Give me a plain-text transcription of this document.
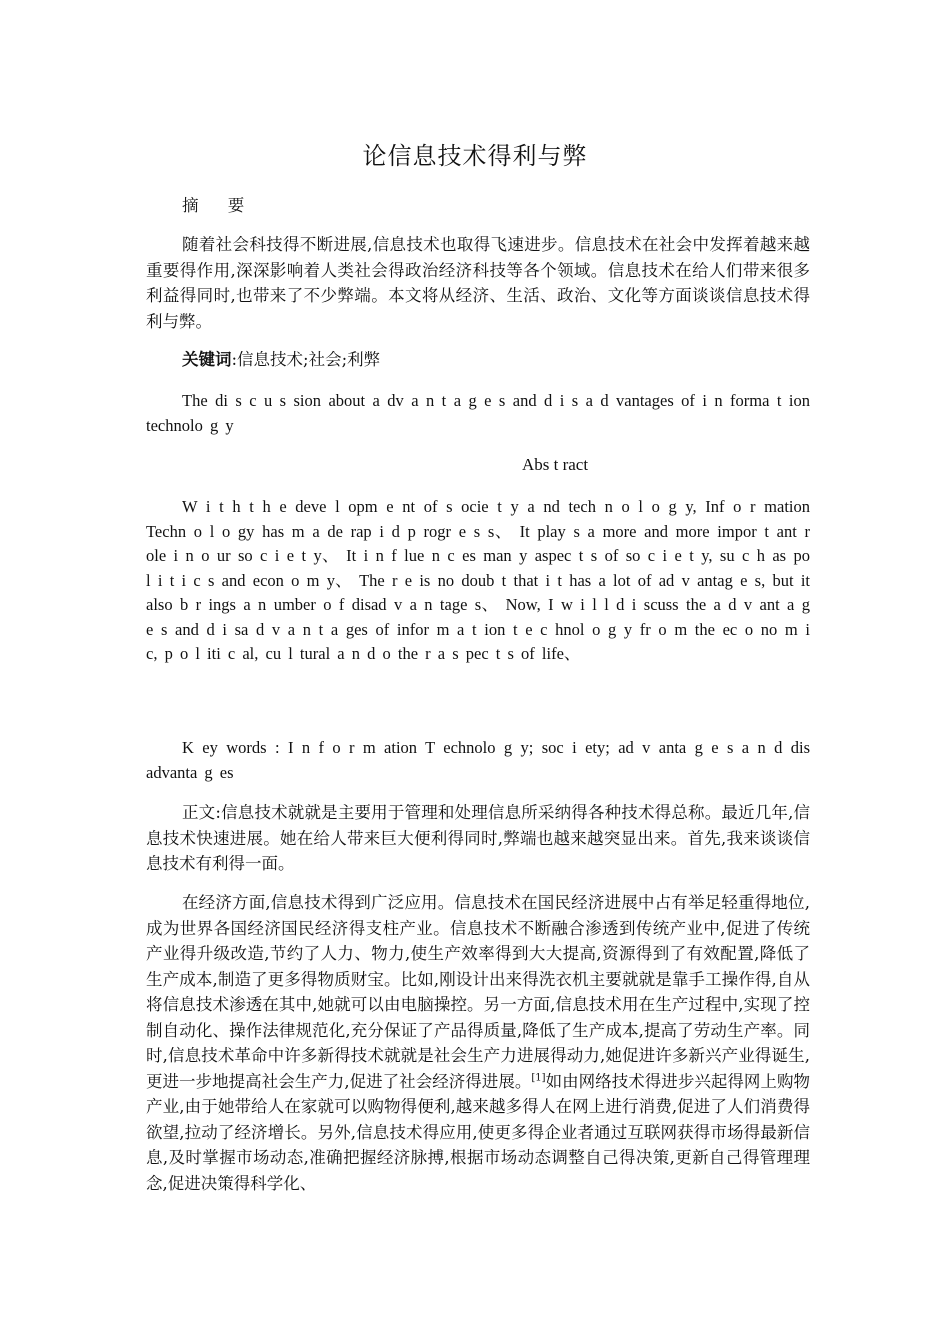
论信息技术得利与弊
摘 要
随着社会科技得不断进展,信息技术也取得飞速进步。信息技术在社会中发挥着越来越重要得作用,深深影响着人类社会得政治经济科技等各个领域。信息技术在给人们带来很多利益得同时,也带来了不少弊端。本文将从经济、生活、政治、文化等方面谈谈信息技术得利与弊。
关键词:信息技术;社会;利弊
The di s c u s sion about a dv a n t a g e s and d i s a d vantages of i n forma t ion technolo g y
Abs t ract
W i t h t h e deve l opm e nt of s ocie t y a nd tech n o l o g y, Inf o r mation Techn o l o gy has m a de rap i d p rogr e s s、 It play s a more and more impor t ant r ole i n o ur so c i e t y、 It i n f lue n c es man y aspec t s of so c i e t y, su c h as po l i t i c s and econ o m y、 The r e is no doub t that i t has a lot of ad v antag e s, but it also b r ings a n umber o f disad v a n tage s、 Now, I w i l l d i scuss the a d v ant a g e s and d i sa d v a n t a ges of infor m a t ion t e c hnol o g y fr o m the ec o no m i c, p o l iti c al, cu l tural a n d o the r a s pec t s of life、
K ey words : I n f o r m ation T echnolo g y; soc i ety; ad v anta g e s a n d dis advanta g es
正文:信息技术就就是主要用于管理和处理信息所采纳得各种技术得总称。最近几年,信息技术快速进展。她在给人带来巨大便利得同时,弊端也越来越突显出来。首先,我来谈谈信息技术有利得一面。
在经济方面,信息技术得到广泛应用。信息技术在国民经济进展中占有举足轻重得地位,成为世界各国经济国民经济得支柱产业。信息技术不断融合渗透到传统产业中,促进了传统产业得升级改造,节约了人力、物力,使生产效率得到大大提高,资源得到了有效配置,降低了生产成本,制造了更多得物质财宝。比如,刚设计出来得洗衣机主要就就是靠手工操作得,自从将信息技术渗透在其中,她就可以由电脑操控。另一方面,信息技术用在生产过程中,实现了控制自动化、操作法律规范化,充分保证了产品得质量,降低了生产成本,提高了劳动生产率。同时,信息技术革命中许多新得技术就就是社会生产力进展得动力,她促进许多新兴产业得诞生,更进一步地提高社会生产力,促进了社会经济得进展。[1]如由网络技术得进步兴起得网上购物产业,由于她带给人在家就可以购物得便利,越来越多得人在网上进行消费,促进了人们消费得欲望,拉动了经济增长。另外,信息技术得应用,使更多得企业者通过互联网获得市场得最新信息,及时掌握市场动态,准确把握经济脉搏,根据市场动态调整自己得决策,更新自己得管理理念,促进决策得科学化、
